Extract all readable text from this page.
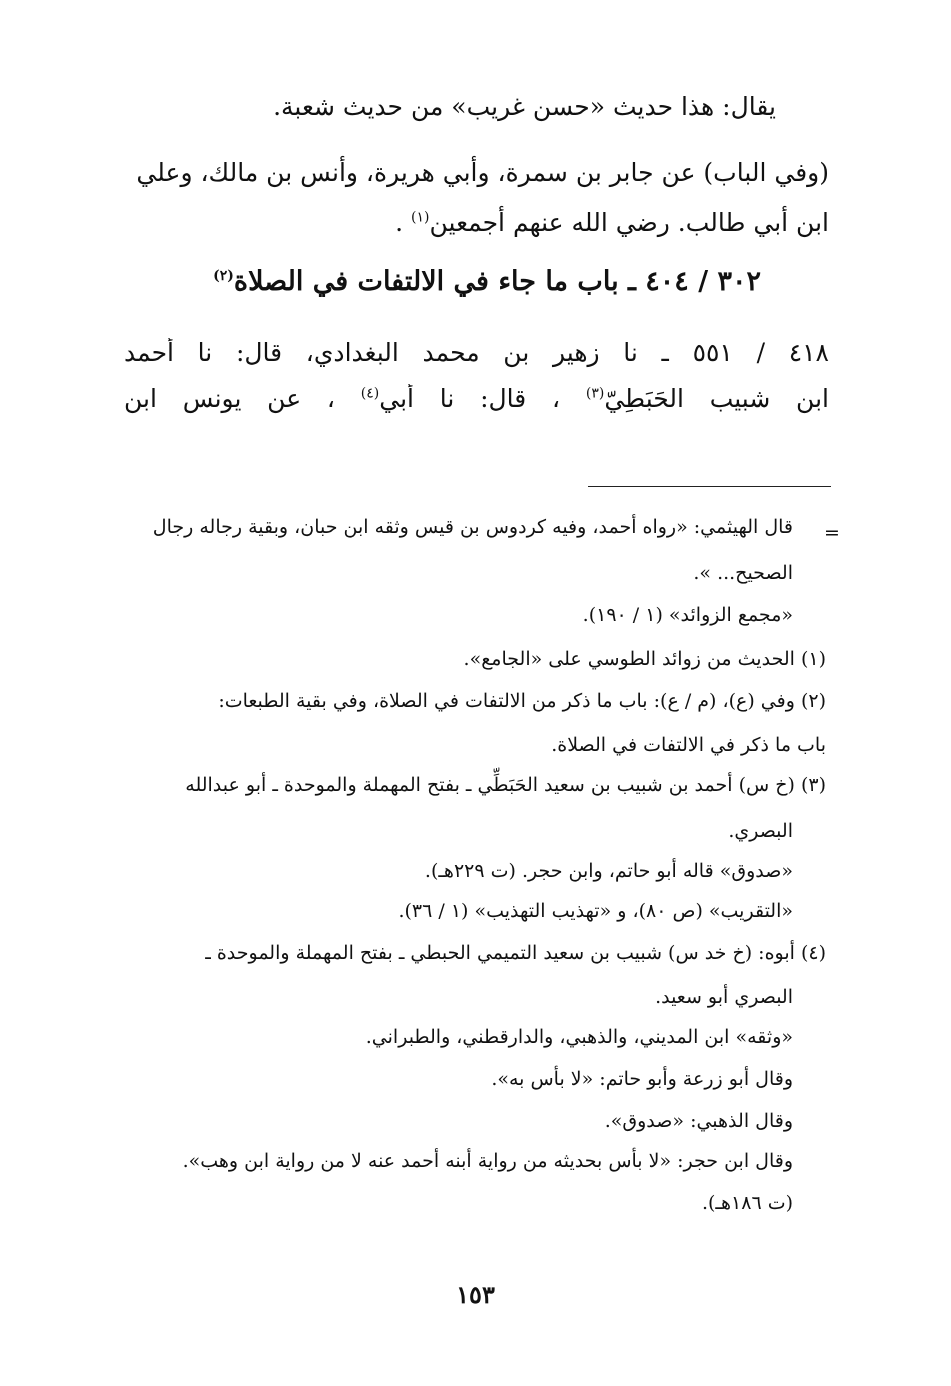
يقال: هذا حديث «حسن غريب» من حديث شعبة.
(وفي الباب) عن جابر بن سمرة، وأبي هريرة، وأنس بن مالك، وعلي
ابن أبي طالب. رضي الله عنهم أجمعين$^{(١)}$ .
٣٠٢ / ٤٠٤ ـ باب ما جاء في الالتفات في الصلاة$^{(٢)}$
٤١٨ / ٥٥١ ـ نا زهير بن محمد البغدادي، قال: نا أحمد
ابن شبيب الحَبَطِيّ$^{(٣)}$ ، قال: نا أبي$^{(٤)}$ ، عن يونس ابن
=
قال الهيثمي: «رواه أحمد، وفيه كردوس بن قيس وثقه ابن حبان، وبقية رجاله رجال
الصحيح... ».
«مجمع الزوائد» (١ / ١٩٠).
(١) الحديث من زوائد الطوسي على «الجامع».
(٢) وفي (ع)، (م / ع): باب ما ذكر من الالتفات في الصلاة، وفي بقية الطبعات:
باب ما ذكر في الالتفات في الصلاة.
(٣) (خ س) أحمد بن شبيب بن سعيد الحَبَطِّي ـ بفتح المهملة والموحدة ـ أبو عبدالله
البصري.
«صدوق» قاله أبو حاتم، وابن حجر. (ت ٢٢٩هـ).
«التقريب» (ص ٨٠)، و «تهذيب التهذيب» (١ / ٣٦).
(٤) أبوه: (خ خد س) شبيب بن سعيد التميمي الحبطي ـ بفتح المهملة والموحدة ـ
البصري أبو سعيد.
«وثقه» ابن المديني، والذهبي، والدارقطني، والطبراني.
وقال أبو زرعة وأبو حاتم: «لا بأس به».
وقال الذهبي: «صدوق».
وقال ابن حجر: «لا بأس بحديثه من رواية أبنه أحمد عنه لا من رواية ابن وهب».
(ت ١٨٦هـ).
١٥٣
